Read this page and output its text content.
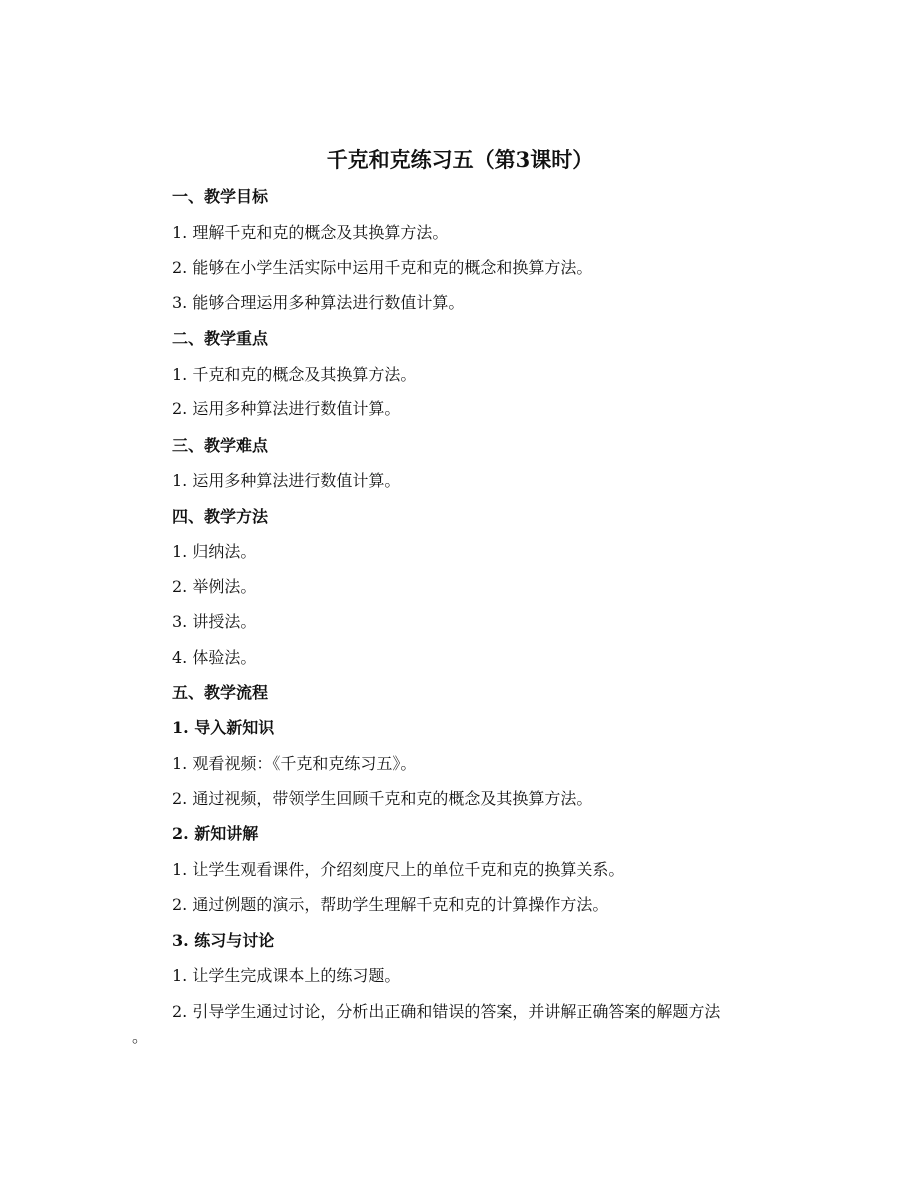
千克和克练习五（第3课时）
一、教学目标
1. 理解千克和克的概念及其换算方法。
2. 能够在小学生活实际中运用千克和克的概念和换算方法。
3. 能够合理运用多种算法进行数值计算。
二、教学重点
1. 千克和克的概念及其换算方法。
2. 运用多种算法进行数值计算。
三、教学难点
1. 运用多种算法进行数值计算。
四、教学方法
1. 归纳法。
2. 举例法。
3. 讲授法。
4. 体验法。
五、教学流程
1. 导入新知识
1. 观看视频：《千克和克练习五》。
2. 通过视频，带领学生回顾千克和克的概念及其换算方法。
2. 新知讲解
1. 让学生观看课件，介绍刻度尺上的单位千克和克的换算关系。
2. 通过例题的演示，帮助学生理解千克和克的计算操作方法。
3. 练习与讨论
1. 让学生完成课本上的练习题。
2. 引导学生通过讨论，分析出正确和错误的答案，并讲解正确答案的解题方法
。
